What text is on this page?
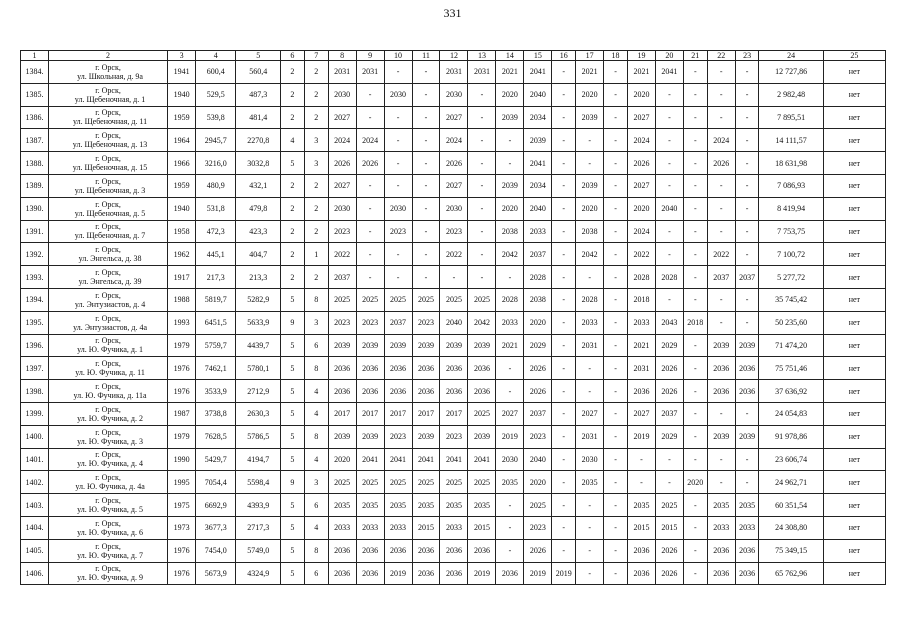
331
1	2	3	4	5	6	7	8	9	10	11	12	13	14	15	16	17	18	19	20	21	22	23	24	25
1384.	г. Орск,
ул. Школьная, д. 9а	1941	600,4	560,4	2	2	2031	2031	-	-	2031	2031	2021	2041	-	2021	-	2021	2041	-	-	-	12 727,86	нет
1385.	г. Орск,
ул. Щебеночная, д. 1	1940	529,5	487,3	2	2	2030	-	2030	-	2030	-	2020	2040	-	2020	-	2020	-	-	-	-	2 982,48	нет
1386.	г. Орск,
ул. Щебеночная, д. 11	1959	539,8	481,4	2	2	2027	-	-	-	2027	-	2039	2034	-	2039	-	2027	-	-	-	-	7 895,51	нет
1387.	г. Орск,
ул. Щебеночная, д. 13	1964	2945,7	2270,8	4	3	2024	2024	-	-	2024	-	-	2039	-	-	-	2024	-	-	2024	-	14 111,57	нет
1388.	г. Орск,
ул. Щебеночная, д. 15	1966	3216,0	3032,8	5	3	2026	2026	-	-	2026	-	-	2041	-	-	-	2026	-	-	2026	-	18 631,98	нет
1389.	г. Орск,
ул. Щебеночная, д. 3	1959	480,9	432,1	2	2	2027	-	-	-	2027	-	2039	2034	-	2039	-	2027	-	-	-	-	7 086,93	нет
1390.	г. Орск,
ул. Щебеночная, д. 5	1940	531,8	479,8	2	2	2030	-	2030	-	2030	-	2020	2040	-	2020	-	2020	2040	-	-	-	8 419,94	нет
1391.	г. Орск,
ул. Щебеночная, д. 7	1958	472,3	423,3	2	2	2023	-	2023	-	2023	-	2038	2033	-	2038	-	2024	-	-	-	-	7 753,75	нет
1392.	г. Орск,
ул. Энгельса, д. 38	1962	445,1	404,7	2	1	2022	-	-	-	2022	-	2042	2037	-	2042	-	2022	-	-	2022	-	7 100,72	нет
1393.	г. Орск,
ул. Энгельса, д. 39	1917	217,3	213,3	2	2	2037	-	-	-	-	-	-	2028	-	-	-	2028	2028	-	2037	2037	5 277,72	нет
1394.	г. Орск,
ул. Энтузиастов, д. 4	1988	5819,7	5282,9	5	8	2025	2025	2025	2025	2025	2025	2028	2038	-	2028	-	2018	-	-	-	-	35 745,42	нет
1395.	г. Орск,
ул. Энтузиастов, д. 4а	1993	6451,5	5633,9	9	3	2023	2023	2037	2023	2040	2042	2033	2020	-	2033	-	2033	2043	2018	-	-	50 235,60	нет
1396.	г. Орск,
ул. Ю. Фучика, д. 1	1979	5759,7	4439,7	5	6	2039	2039	2039	2039	2039	2039	2021	2029	-	2031	-	2021	2029	-	2039	2039	71 474,20	нет
1397.	г. Орск,
ул. Ю. Фучика, д. 11	1976	7462,1	5780,1	5	8	2036	2036	2036	2036	2036	2036	-	2026	-	-	-	2031	2026	-	2036	2036	75 751,46	нет
1398.	г. Орск,
ул. Ю. Фучика, д. 11а	1976	3533,9	2712,9	5	4	2036	2036	2036	2036	2036	2036	-	2026	-	-	-	2036	2026	-	2036	2036	37 636,92	нет
1399.	г. Орск,
ул. Ю. Фучика, д. 2	1987	3738,8	2630,3	5	4	2017	2017	2017	2017	2017	2025	2027	2037	-	2027	-	2027	2037	-	-	-	24 054,83	нет
1400.	г. Орск,
ул. Ю. Фучика, д. 3	1979	7628,5	5786,5	5	8	2039	2039	2023	2039	2023	2039	2019	2023	-	2031	-	2019	2029	-	2039	2039	91 978,86	нет
1401.	г. Орск,
ул. Ю. Фучика, д. 4	1990	5429,7	4194,7	5	4	2020	2041	2041	2041	2041	2041	2030	2040	-	2030	-	-	-	-	-	-	23 606,74	нет
1402.	г. Орск,
ул. Ю. Фучика, д. 4а	1995	7054,4	5598,4	9	3	2025	2025	2025	2025	2025	2025	2035	2020	-	2035	-	-	-	2020	-	-	24 962,71	нет
1403.	г. Орск,
ул. Ю. Фучика, д. 5	1975	6692,9	4393,9	5	6	2035	2035	2035	2035	2035	2035	-	2025	-	-	-	2035	2025	-	2035	2035	60 351,54	нет
1404.	г. Орск,
ул. Ю. Фучика, д. 6	1973	3677,3	2717,3	5	4	2033	2033	2033	2015	2033	2015	-	2023	-	-	-	2015	2015	-	2033	2033	24 308,80	нет
1405.	г. Орск,
ул. Ю. Фучика, д. 7	1976	7454,0	5749,0	5	8	2036	2036	2036	2036	2036	2036	-	2026	-	-	-	2036	2026	-	2036	2036	75 349,15	нет
1406.	г. Орск,
ул. Ю. Фучика, д. 9	1976	5673,9	4324,9	5	6	2036	2036	2019	2036	2036	2019	2036	2019	2019	-	-	2036	2026	-	2036	2036	65 762,96	нет
